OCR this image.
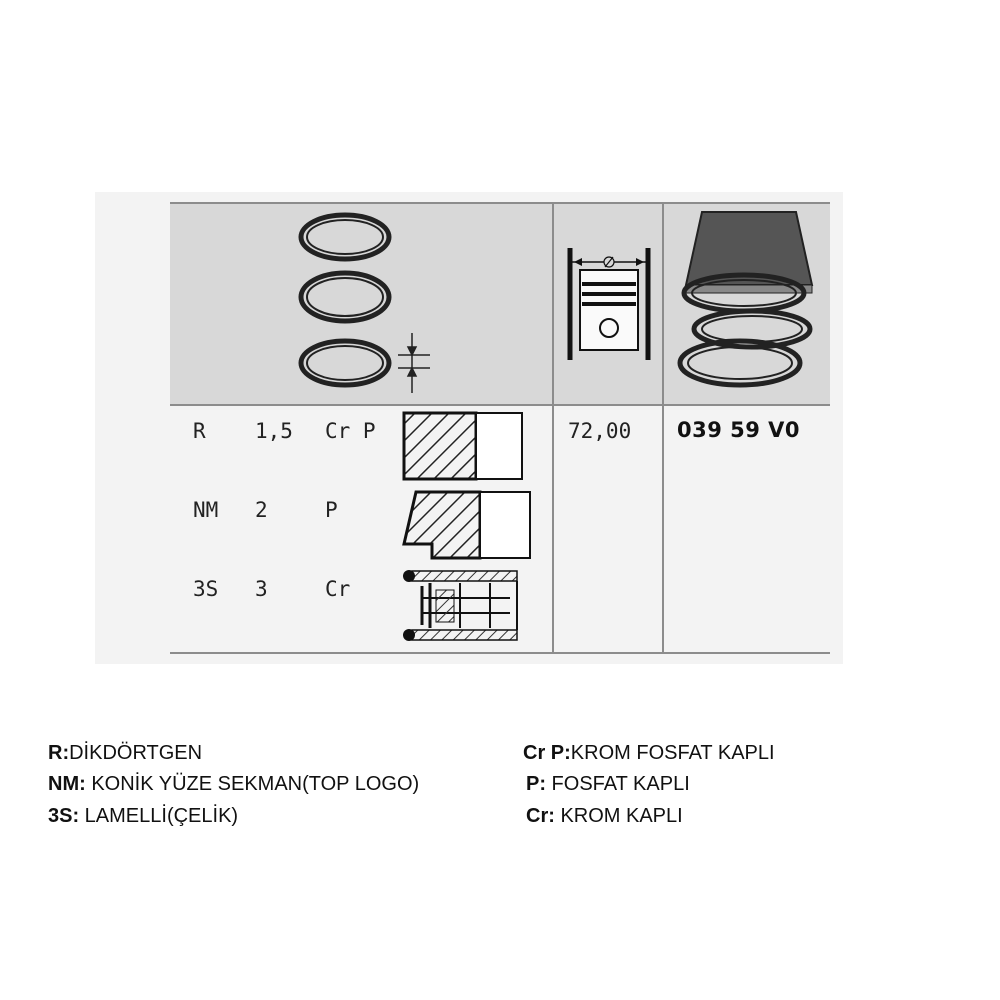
R 1,5 Cr P
NM 2	P
3S 3	Cr
72,00 039 59 V0
R:DİKDÖRTGEN
NM: KONİK YÜZE SEKMAN(TOP LOGO)
3S: LAMELLİ(ÇELİK)
Cr P:KROM FOSFAT KAPLI
P: FOSFAT KAPLI
Cr: KROM KAPLI
